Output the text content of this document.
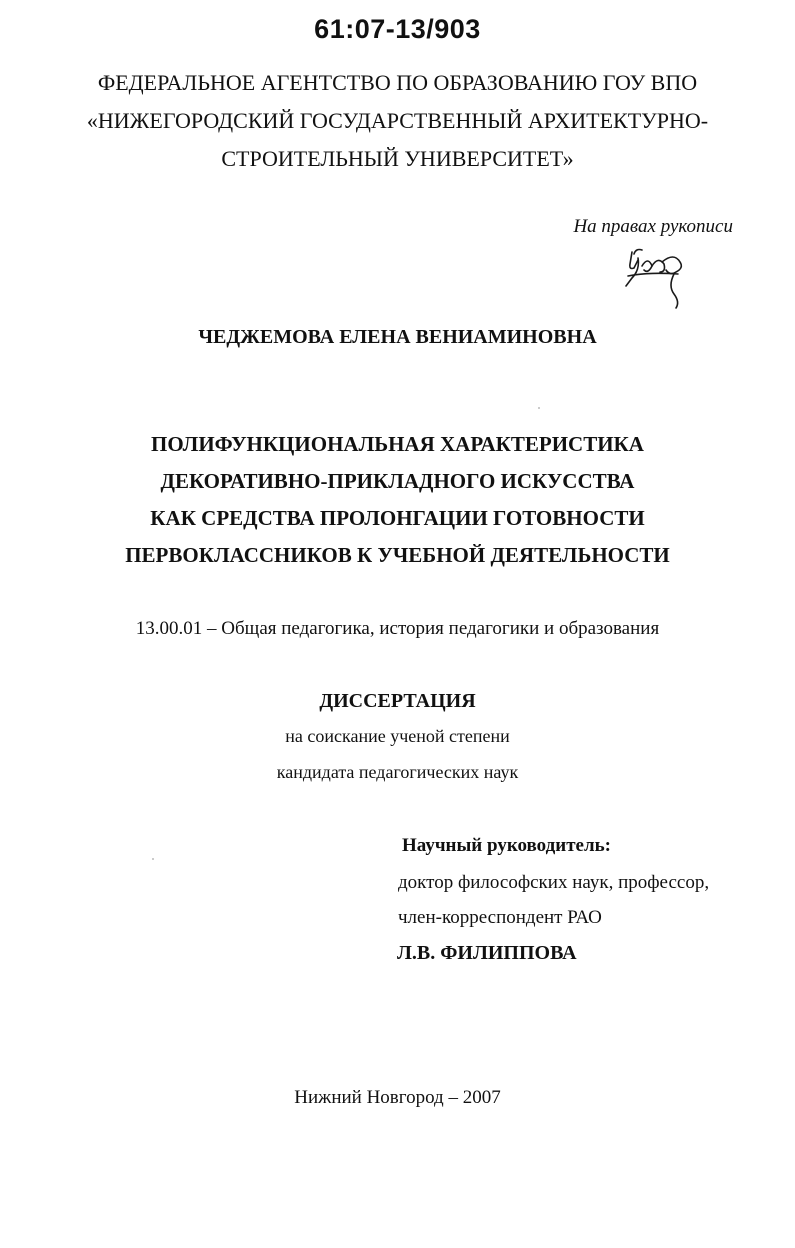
61:07-13/903
ФЕДЕРАЛЬНОЕ АГЕНТСТВО ПО ОБРАЗОВАНИЮ ГОУ ВПО
«НИЖЕГОРОДСКИЙ ГОСУДАРСТВЕННЫЙ АРХИТЕКТУРНО-
СТРОИТЕЛЬНЫЙ УНИВЕРСИТЕТ»
На правах рукописи
ЧЕДЖЕМОВА ЕЛЕНА ВЕНИАМИНОВНА
ПОЛИФУНКЦИОНАЛЬНАЯ ХАРАКТЕРИСТИКА
ДЕКОРАТИВНО-ПРИКЛАДНОГО ИСКУССТВА
КАК СРЕДСТВА ПРОЛОНГАЦИИ ГОТОВНОСТИ
ПЕРВОКЛАССНИКОВ К УЧЕБНОЙ ДЕЯТЕЛЬНОСТИ
13.00.01 – Общая педагогика, история педагогики и образования
ДИССЕРТАЦИЯ
на соискание ученой степени
кандидата педагогических наук
Научный руководитель:
доктор философских наук, профессор,
член-корреспондент РАО
Л.В. ФИЛИППОВА
Нижний Новгород – 2007
